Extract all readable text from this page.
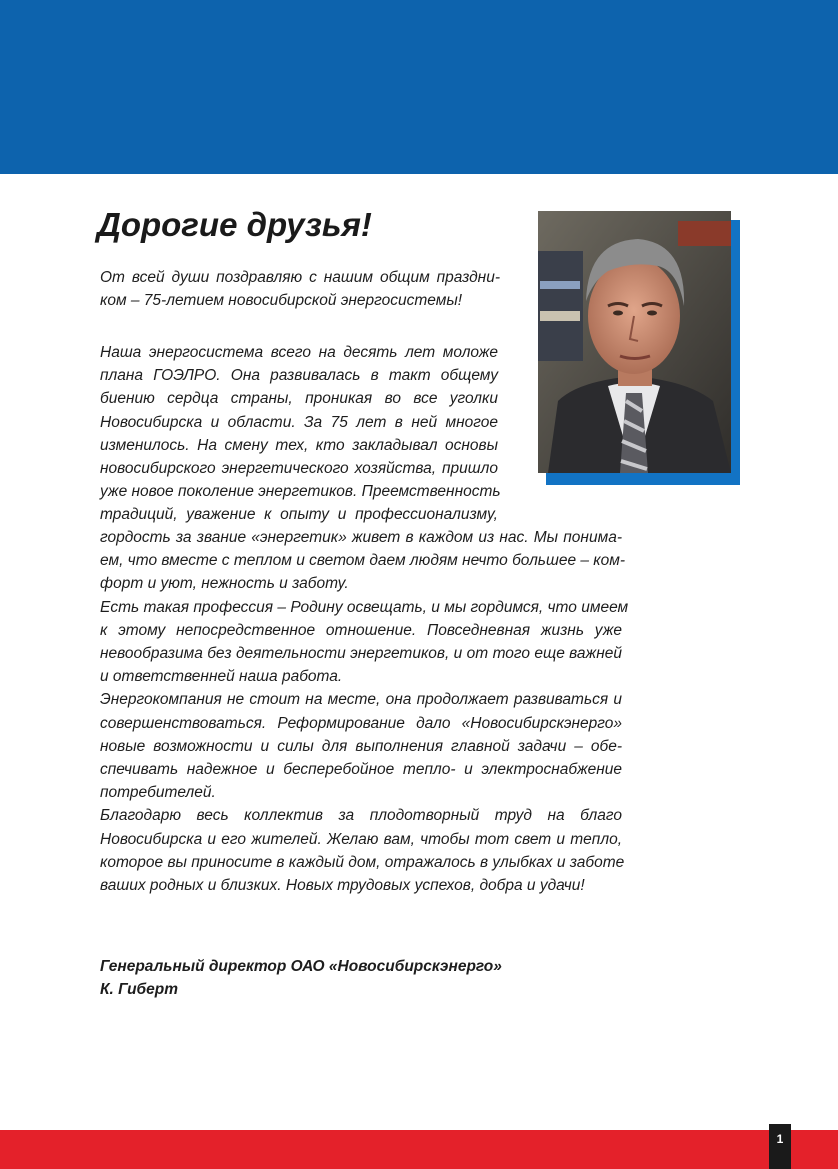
Дорогие друзья!
От всей души поздравляю с нашим общим праздни-
ком – 75-летием новосибирской энергосистемы!
Наша энергосистема всего на десять лет моложе
плана ГОЭЛРО. Она развивалась в такт общему
биению сердца страны, проникая во все уголки
Новосибирска и области. За 75 лет в ней многое
изменилось. На смену тех, кто закладывал основы
новосибирского энергетического хозяйства, пришло
уже новое поколение энергетиков. Преемственность
традиций, уважение к опыту и профессионализму,
гордость за звание «энергетик» живет в каждом из нас. Мы понима-
ем, что вместе с теплом и светом даем людям нечто большее – ком-
форт и уют, нежность и заботу.
Есть такая профессия – Родину освещать, и мы гордимся, что имеем
к этому непосредственное отношение. Повседневная жизнь уже
невообразима без деятельности энергетиков, и от того еще важней
и ответственней наша работа.
Энергокомпания не стоит на месте, она продолжает развиваться и
совершенствоваться. Реформирование дало «Новосибирскэнерго»
новые возможности и силы для выполнения главной задачи – обе-
спечивать надежное и бесперебойное тепло- и электроснабжение
потребителей.
Благодарю весь коллектив за плодотворный труд на благо
Новосибирска и его жителей. Желаю вам, чтобы тот свет и тепло,
которое вы приносите в каждый дом, отражалось в улыбках и заботе
ваших родных и близких. Новых трудовых успехов, добра и удачи!
Генеральный директор ОАО «Новосибирскэнерго»
К. Гиберт
1
